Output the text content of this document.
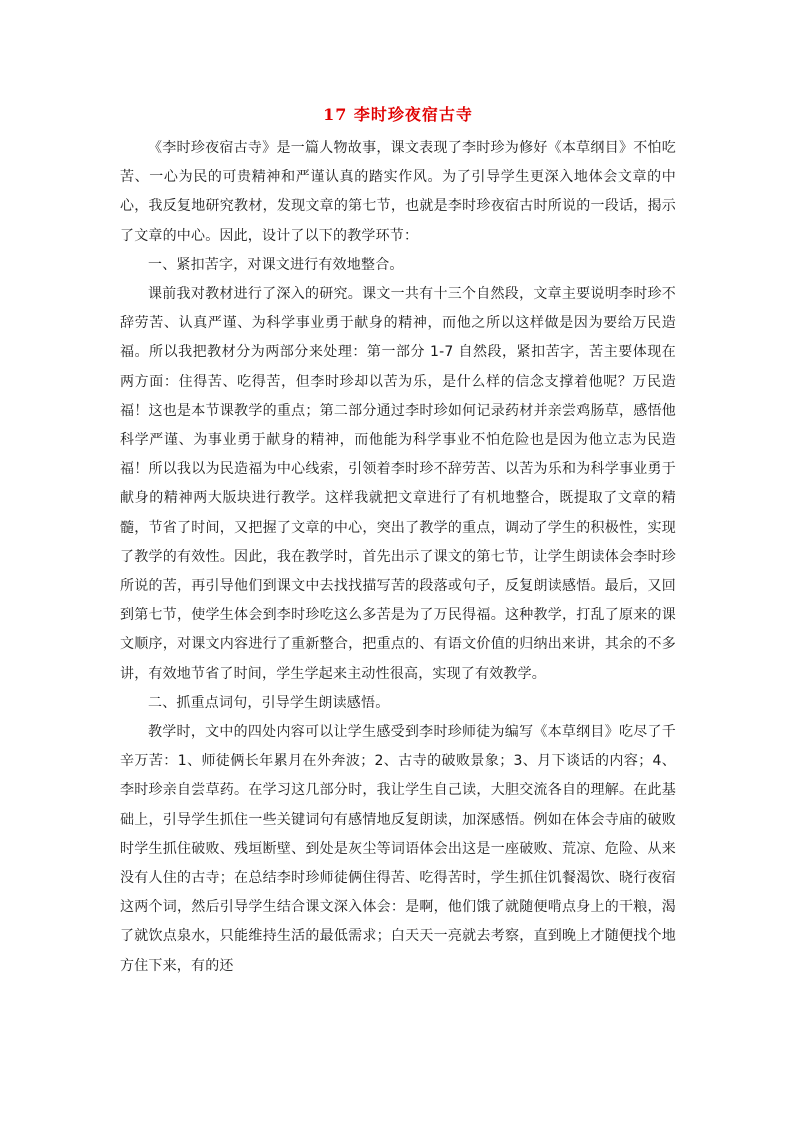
17 李时珍夜宿古寺

《李时珍夜宿古寺》是一篇人物故事，课文表现了李时珍为修好《本草纲目》不怕吃苦、一心为民的可贵精神和严谨认真的踏实作风。为了引导学生更深入地体会文章的中心，我反复地研究教材，发现文章的第七节，也就是李时珍夜宿古时所说的一段话，揭示了文章的中心。因此，设计了以下的教学环节：

一、紧扣苦字，对课文进行有效地整合。

课前我对教材进行了深入的研究。课文一共有十三个自然段，文章主要说明李时珍不辞劳苦、认真严谨、为科学事业勇于献身的精神，而他之所以这样做是因为要给万民造福。所以我把教材分为两部分来处理：第一部分 1-7 自然段，紧扣苦字，苦主要体现在两方面：住得苦、吃得苦，但李时珍却以苦为乐，是什么样的信念支撑着他呢？万民造福！这也是本节课教学的重点；第二部分通过李时珍如何记录药材并亲尝鸡肠草，感悟他科学严谨、为事业勇于献身的精神，而他能为科学事业不怕危险也是因为他立志为民造福！所以我以为民造福为中心线索，引领着李时珍不辞劳苦、以苦为乐和为科学事业勇于献身的精神两大版块进行教学。这样我就把文章进行了有机地整合，既提取了文章的精髓，节省了时间，又把握了文章的中心，突出了教学的重点，调动了学生的积极性，实现了教学的有效性。因此，我在教学时，首先出示了课文的第七节，让学生朗读体会李时珍所说的苦，再引导他们到课文中去找找描写苦的段落或句子，反复朗读感悟。最后，又回到第七节，使学生体会到李时珍吃这么多苦是为了万民得福。这种教学，打乱了原来的课文顺序，对课文内容进行了重新整合，把重点的、有语文价值的归纳出来讲，其余的不多讲，有效地节省了时间，学生学起来主动性很高，实现了有效教学。

二、抓重点词句，引导学生朗读感悟。

教学时，文中的四处内容可以让学生感受到李时珍师徒为编写《本草纲目》吃尽了千辛万苦：1、师徒俩长年累月在外奔波；2、古寺的破败景象；3、月下谈话的内容；4、李时珍亲自尝草药。在学习这几部分时，我让学生自己读，大胆交流各自的理解。在此基础上，引导学生抓住一些关键词句有感情地反复朗读，加深感悟。例如在体会寺庙的破败时学生抓住破败、残垣断壁、到处是灰尘等词语体会出这是一座破败、荒凉、危险、从来没有人住的古寺；在总结李时珍师徒俩住得苦、吃得苦时，学生抓住饥餐渴饮、晓行夜宿这两个词，然后引导学生结合课文深入体会：是啊，他们饿了就随便啃点身上的干粮，渴了就饮点泉水，只能维持生活的最低需求；白天天一亮就去考察，直到晚上才随便找个地方住下来，有的还
